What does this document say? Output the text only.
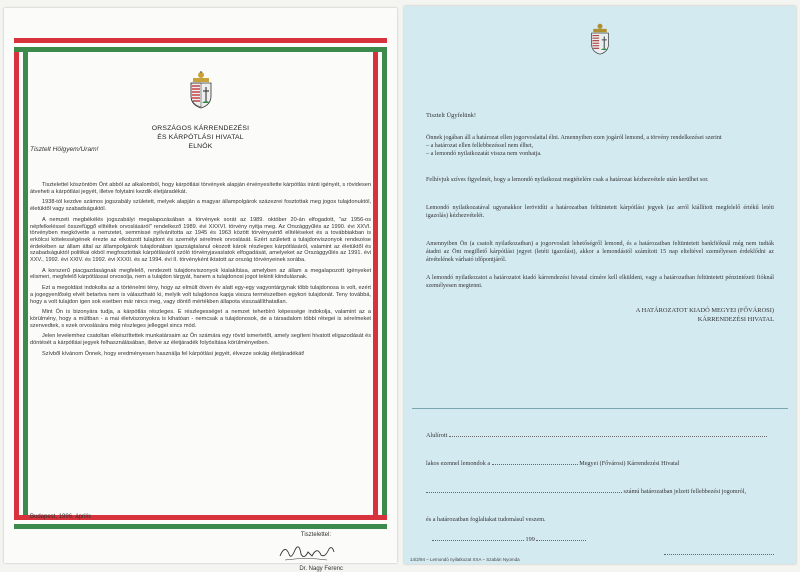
ORSZÁGOS KÁRRENDEZÉSI
ÉS KÁRPÓTLÁSI HIVATAL
ELNÖK
Tisztelt Hölgyem/Uram!

Tisztelettel köszöntöm Önt abból az alkalomból, hogy kárpótlási törvények alapján érvényesítette kárpótlás iránti igényét, s rövidesen átveheti a kárpótlási jegyét, illetve folytatni kezdik életjáradékát.

1938-tól kezdve számos jogszabály született, melyek alapján a magyar állampolgárok százezrei fosztottak meg jogos tulajdonuktól, életüktől vagy szabadságuktól.

A nemzeti megbékélés jogszabályi megalapozásában a törvények sorát az 1989. október 20-án elfogadott, "az 1956-os népfelkeléssel összefüggő elítéltek orvoslásáról" rendelkező 1989. évi XXXVI. törvény nyitja meg. Az Országgyűlés az 1990. évi XXVI. törvényben megkövette a nemzetet, semmissé nyilvánította az 1945 és 1963 között törvénysértő elítéléseket és a továbbiakban is erkölcsi kötelességének érezte az elkobzott tulajdont és személyi sérelmek orvoslását. Ezért született a tulajdonviszonyok rendezése érdekében az állam által az állampolgárok tulajdonában igazságtalanul okozott károk részleges kárpótlásáról, valamint az életüktől és szabadságuktól politikai okból megfosztottak kárpótlásáról szóló törvényjavaslatok elfogadását, amelyeket az Országgyűlés az 1991. évi XXV., 1992. évi XXIV. és 1992. évi XXXII. és az 1994. évi II. törvényként iktatott az ország törvényeinek sorába.

A korszerű piacgazdaságnak megfelelő, rendezett tulajdonviszonyok kialakítása, amelyben az állam a megalapozott igényeket elismeri, megfelelő kárpótlással orvosolja, nem a tulajdon tárgyát, hanem a tulajdonosi jogot tekinti kiindulásnak.

Ezt a megoldást indokolta az a történelmi tény, hogy az elmúlt ötven év alatt egy-egy vagyontárgynak több tulajdonosa is volt, ezért a jogegyenlőség elvét betartva nem is választható ki, melyik volt tulajdonos kapja vissza természetben egykori tulajdonát. Teny továbbá, hogy a volt tulajdon igen sok esetben már nincs meg, vagy döntő mértékben állapota visszaállíthatatlan.

Mint Ön is bizonyára tudja, a kárpótlás részleges. E részlegességet a nemzet teherbíró képessége indokolja, valamint az a körülmény, hogy a múltban - a mai életviszonyokra is kihatóan - nemcsak a tulajdonosok, de a társadalom többi rétegei is sérelmeket szenvedtek, s ezek orvoslására még részleges jelleggel sincs mód.

Jelen levelemhez csatoltan elkészíttettek munkatársaim az Ön számára egy rövid ismertetőt, amely segíteni hivatott eligazodását és döntését a kárpótlási jegyek felhasználásában, illetve az életjáradék folyósítása körülményeiben.

Szívből kívánom Önnek, hogy eredményesen használja fel kárpótlási jegyét, élvezze sokáig életjáradékát!

Budapest, 1996. április
Tisztelettel:
Dr. Nagy Ferenc
Tisztelt Ügyfelünk!

Önnek jogában áll a határozat ellen jogorvoslattal élni. Amennyiben ezen jogáról lemond, a törvény rendelkezései szerint

– a határozat ellen fellebbezéssel nem élhet,

– a lemondó nyilatkozatát vissza nem vonhatja.

Felhívjuk szíves figyelmét, hogy a lemondó nyilatkozat megtételére csak a határozat kézhezvétele után kerülhet sor.
Lemondó nyilatkozatával ugyanakkor lerövidíti a határozatban feltüntetett kárpótlási jegyek (az arról kiállított megfelelő értékű letéti igazolás) kézhezvételét.
Amennyiben Ön (a csatolt nyilatkozatban) a jogorvoslati lehetőségről lemond, és a határozatban feltüntetett bankfióknál még nem tudták átadni az Önt megillető kárpótlási jegyet (letéti igazolást), akkor a lemondástól számított 15 nap elteltével személyesen érdeklődni az átvételének várható időpontjáról.
A lemondó nyilatkozatot a határozatot kiadó kárrendezési hivatal címére kell elküldeni, vagy a határozatban feltüntetett pénzintézeti fióknál személyesen megtenni.
A HATÁROZATOT KIADÓ MEGYEI (FŐVÁROSI)
KÁRRENDEZÉSI HIVATAL
Alulírott
lakos ezennel lemondok a	Megyei (Fővárosi) Kárrendezési Hivatal
számú határozatban jelzett fellebbezési jogomról,
és a határozatban foglaltakat tudomásul veszem.
199
14/2/94 – Lemondó nyilatkozat XXA – Szabán Nyomda
